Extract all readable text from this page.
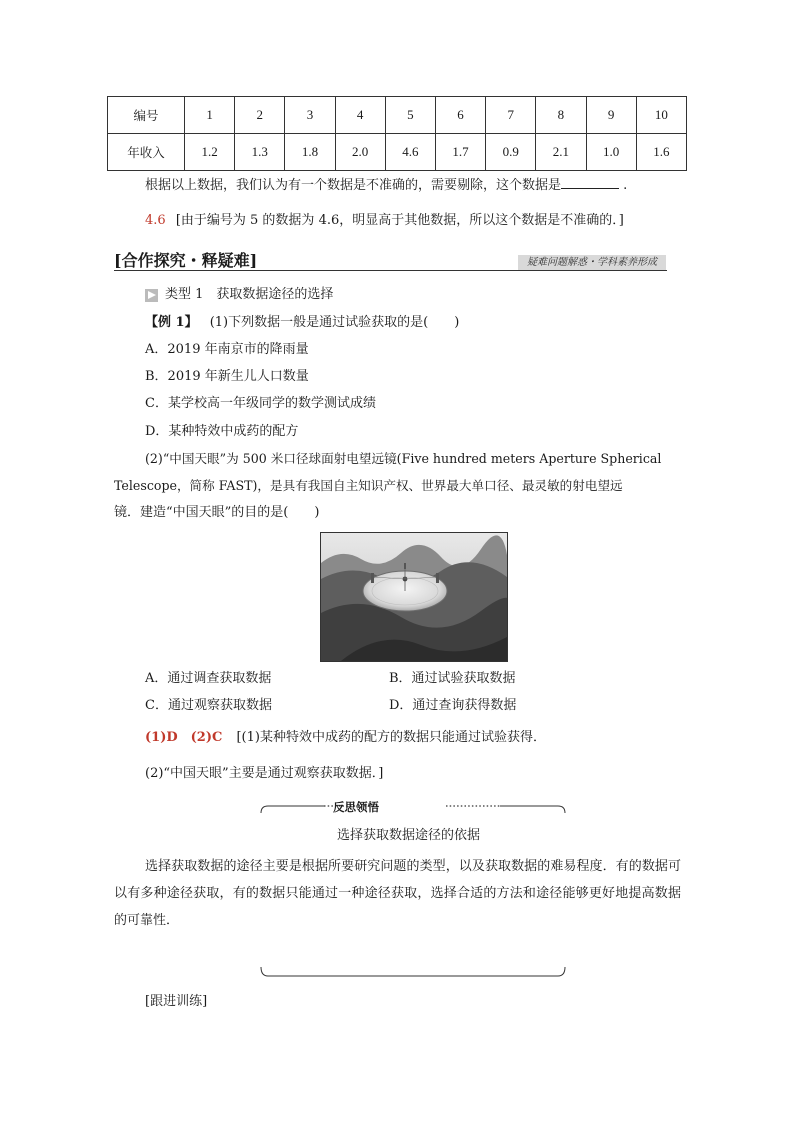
编号	1	2	3	4	5	6	7	8	9	10
年收入	1.2	1.3	1.8	2.0	4.6	1.7	0.9	2.1	1.0	1.6
根据以上数据，我们认为有一个数据是不准确的，需要剔除，这个数据是	.
4.6 [由于编号为 5 的数据为 4.6，明显高于其他数据，所以这个数据是不准确的．]
[合作探究・释疑难]	疑难问题解惑・学科素养形成
类型 1　获取数据途径的选择
【例 1】 (1)下列数据一般是通过试验获取的是(　　)
A．2019 年南京市的降雨量
B．2019 年新生儿人口数量
C．某学校高一年级同学的数学测试成绩
D．某种特效中成药的配方
(2)“中国天眼”为 500 米口径球面射电望远镜(Five hundred meters Aperture Spherical
Telescope，简称 FAST)，是具有我国自主知识产权、世界最大单口径、最灵敏的射电望远
镜．建造“中国天眼”的目的是(　　)
A．通过调查获取数据	B．通过试验获取数据
C．通过观察获取数据	D．通过查询获得数据
(1)D　(2)C [(1)某种特效中成药的配方的数据只能通过试验获得．
(2)“中国天眼”主要是通过观察获取数据．]
反思领悟
选择获取数据途径的依据
选择获取数据的途径主要是根据所要研究问题的类型，以及获取数据的难易程度．有的数据可以有多种途径获取，有的数据只能通过一种途径获取，选择合适的方法和途径能够更好地提高数据的可靠性．
[跟进训练]
